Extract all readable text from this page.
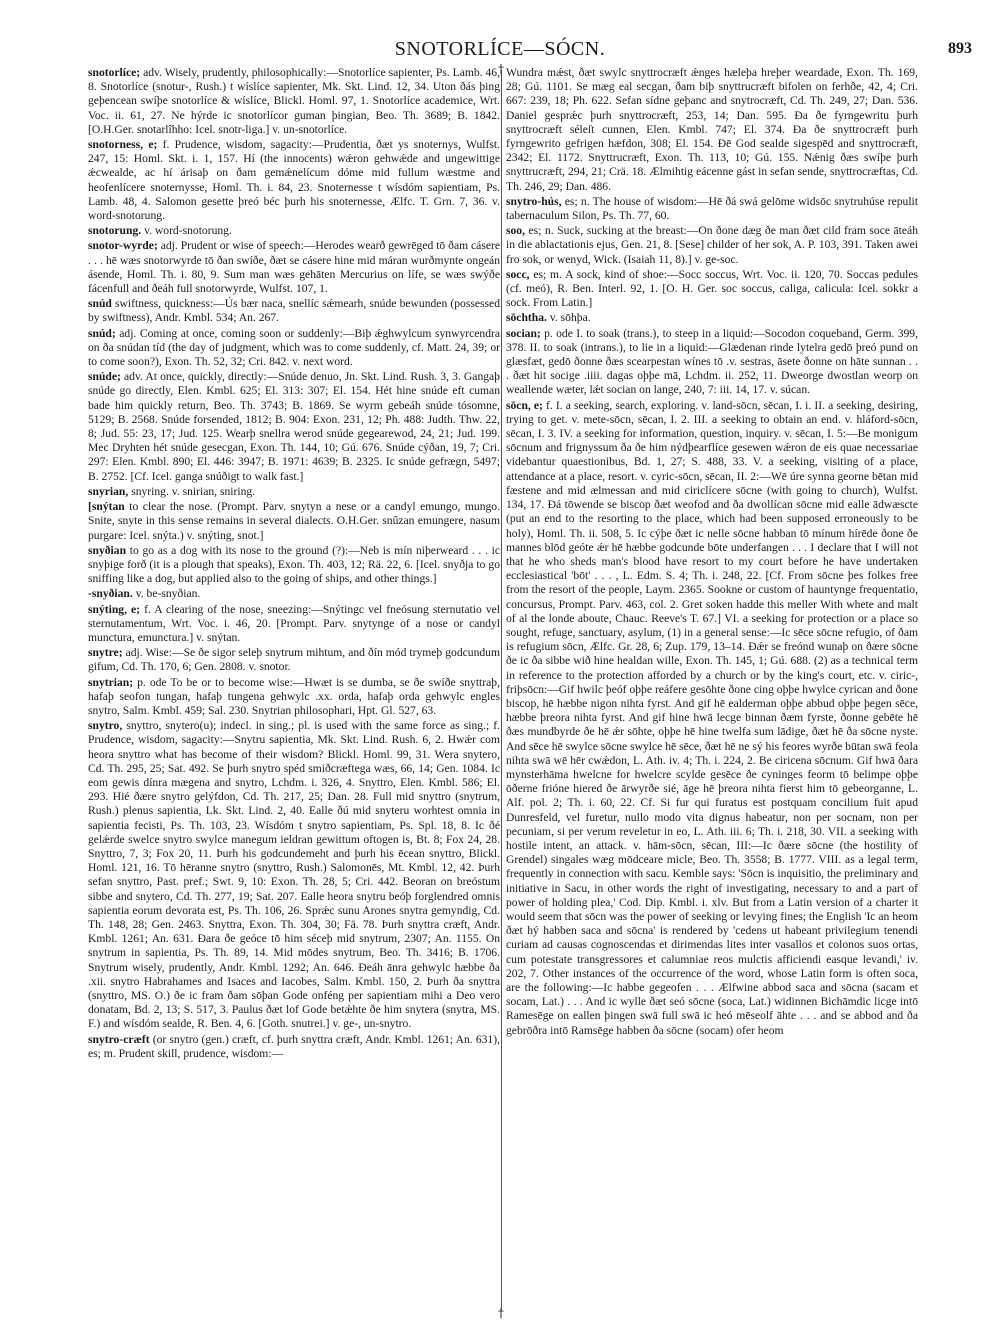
SNOTORLÍCE—SÓCN.	893
†
†

snotorlíce; adv. Wisely, prudently, philosophically:—Snotorlíce sapienter, Ps. Lamb. 46, 8. Snotorlíce (snotur-, Rush.) t wíslíce sapienter, Mk. Skt. Lind. 12, 34. Uton ðás þing geþencean swíþe snotorlíce & wíslíce, Blickl. Homl. 97, 1. Snotorlíce academice, Wrt. Voc. ii. 61, 27. Ne hýrde ic snotorlícor guman þingian, Beo. Th. 3689; B. 1842. [O.H.Ger. snotarlîhho: Icel. snotr-liga.] v. un-snotorlíce.

snotorness, e; f. Prudence, wisdom, sagacity:—Prudentia, ðæt ys snoternys, Wulfst. 247, 15: Homl. Skt. i. 1, 157. Hí (the innocents) wǽron gehwǽde and ungewittige ǽcwealde, ac hí árisaþ on ðam gemǽnelícum dóme mid fullum wæstme and heofenlícere snoternysse, Homl. Th. i. 84, 23. Snoternesse t wísdóm sapientiam, Ps. Lamb. 48, 4. Salomon gesette þreó béc þurh his snoternesse, Ælfc. T. Grn. 7, 36. v. word-snotorung.

snotorung. v. word-snotorung.

snotor-wyrde; adj. Prudent or wise of speech:—Herodes wearð gewrēged tō ðam cásere . . . hē wæs snotorwyrde tō ðan swíðe, ðæt se cásere hine mid máran wurðmynte ongeán ásende, Homl. Th. i. 80, 9. Sum man wæs gehāten Mercurius on lífe, se wæs swýðe fácenfull and ðeáh full snotorwyrde, Wulfst. 107, 1.

snúd swiftness, quickness:—Ús bær naca, snellíc sǽmearh, snúde bewunden (possessed by swiftness), Andr. Kmbl. 534; An. 267.

snúd; adj. Coming at once, coming soon or suddenly:—Biþ ǽghwylcum synwyrcendra on ða snúdan tíd (the day of judgment, which was to come suddenly, cf. Matt. 24, 39; or to come soon?), Exon. Th. 52, 32; Cri. 842. v. next word.

snúde; adv. At once, quickly, directly:—Snúde denuo, Jn. Skt. Lind. Rush. 3, 3. Gangaþ snúde go directly, Elen. Kmbl. 625; El. 313: 307; El. 154. Hét hine snúde eft cuman bade him quickly return, Beo. Th. 3743; B. 1869. Se wyrm gebeáh snúde tósomne, 5129; B. 2568. Snúde forsended, 1812; B. 904: Exon. 231, 12; Ph. 488: Judth. Thw. 22, 8; Jud. 55: 23, 17; Jud. 125. Wearþ snellra werod snúde gegearewod, 24, 21; Jud. 199. Mec Dryhten hét snúde gesecgan, Exon. Th. 144, 10; Gú. 676. Snúde cýðan, 19, 7; Cri. 297: Elen. Kmbl. 890; El. 446: 3947; B. 1971: 4639; B. 2325. Ic snúde gefrægn, 5497; B. 2752. [Cf. Icel. ganga snúðigt to walk fast.]

snyrian, snyring. v. snirian, sniring.

[snýtan to clear the nose. (Prompt. Parv. snytyn a nese or a candyl emungo, mungo. Snite, snyte in this sense remains in several dialects. O.H.Ger. snûzan emungere, nasum purgare: Icel. snýta.) v. snýting, snot.]

snyðian to go as a dog with its nose to the ground (?):—Neb is mín niþerweard . . . ic snyþige forð (it is a plough that speaks), Exon. Th. 403, 12; Rä. 22, 6. [Icel. snyðja to go sniffing like a dog, but applied also to the going of ships, and other things.]

-snyðian. v. be-snyðian.

snýting, e; f. A clearing of the nose, sneezing:—Snýtingc vel fneósung sternutatio vel sternutamentum, Wrt. Voc. i. 46, 20. [Prompt. Parv. snytynge of a nose or candyl munctura, emunctura.] v. snýtan.

snytre; adj. Wise:—Se ðe sigor seleþ snytrum mihtum, and ðín mód trymeþ godcundum gifum, Cd. Th. 170, 6; Gen. 2808. v. snotor.

snytrian; p. ode To be or to become wise:—Hwæt is se dumba, se ðe swíðe snyttraþ, hafaþ seofon tungan, hafaþ tungena gehwylc .xx. orda, hafaþ orda gehwylc engles snytro, Salm. Kmbl. 459; Sal. 230. Snytrian philosophari, Hpt. Gl. 527, 63.

snytro, snyttro, snytero(u); indecl. in sing.; pl. is used with the same force as sing.; f. Prudence, wisdom, sagacity:—Snytru sapientia, Mk. Skt. Lind. Rush. 6, 2. Hwǽr com heora snyttro what has become of their wisdom? Blickl. Homl. 99, 31. Wera snytero, Cd. Th. 295, 25; Sat. 492. Se þurh snytro spéd smiðcræftega wæs, 66, 14; Gen. 1084. Ic eom gewis dínra mægena and snytro, Lchdm. i. 326, 4. Snyttro, Elen. Kmbl. 586; El. 293. Hié ðære snytro gelýfdon, Cd. Th. 217, 25; Dan. 28. Full mid snyttro (snytrum, Rush.) plenus sapientia, Lk. Skt. Lind. 2, 40. Ealle ðú mid snyteru worhtest omnia in sapientia fecisti, Ps. Th. 103, 23. Wísdóm t snytro sapientiam, Ps. Spl. 18, 8. Ic ðé gelǽrde swelce snytro swylce manegum ieldran gewittum oftogen is, Bt. 8; Fox 24, 28. Snyttro, 7, 3; Fox 20, 11. Þurh his godcundemeht and þurh his ēcean snyttro, Blickl. Homl. 121, 16. Tō hēranne snytro (snyttro, Rush.) Salomonēs, Mt. Kmbl. 12, 42. Þurh sefan snyttro, Past. pref.; Swt. 9, 10: Exon. Th. 28, 5; Cri. 442. Beoran on breóstum sibbe and snytero, Cd. Th. 277, 19; Sat. 207. Ealle heora snytru beóþ forglendred omnis sapientia eorum devorata est, Ps. Th. 106, 26. Sprǽc sunu Arones snytra gemyndig, Cd. Th. 148, 28; Gen. 2463. Snyttra, Exon. Th. 304, 30; Fä. 78. Þurh snyttra cræft, Andr. Kmbl. 1261; An. 631. Ðara ðe geóce tō him séceþ mid snytrum, 2307; An. 1155. On snytrum in sapientia, Ps. Th. 89, 14. Mid mōdes snytrum, Beo. Th. 3416; B. 1706. Snytrum wisely, prudently, Andr. Kmbl. 1292; An. 646. Ðeáh ānra gehwylc hæbbe ða .xii. snytro Habrahames and Isaces and Iacobes, Salm. Kmbl. 150, 2. Þurh ða snyttra (snyttro, MS. O.) ðe ic fram ðam sōþan Gode onféng per sapientiam mihi a Deo vero donatam, Bd. 2, 13; S. 517, 3. Paulus ðæt lof Gode betǽhte ðe him snytera (snytra, MS. F.) and wísdóm sealde, R. Ben. 4, 6. [Goth. snutrei.] v. ge-, un-snytro.

snytro-cræft (or snytro (gen.) cræft, cf. þurh snyttra cræft, Andr. Kmbl. 1261; An. 631), es; m. Prudent skill, prudence, wisdom:—

Wundra mǽst, ðæt swylc snyttrocræft ǽnges hæleþa hreþer weardade, Exon. Th. 169, 28; Gú. 1101. Se mæg eal secgan, ðam biþ snyttrucræft bifolen on ferhðe, 42, 4; Cri. 667: 239, 18; Ph. 622. Sefan sídne geþanc and snytrocræft, Cd. Th. 249, 27; Dan. 536. Daniel gesprǽc þurh snyttrocræft, 253, 14; Dan. 595. Ða ðe fyrngewritu þurh snyttrocræft séleſt cunnen, Elen. Kmbl. 747; El. 374. Ða ðe snyttrocræft þurh fyrngewrito gefrigen hæfdon, 308; El. 154. Ðē God sealde sigespēd and snyttrocræft, 2342; El. 1172. Snyttrucræft, Exon. Th. 113, 10; Gú. 155. Nǽnig ðæs swíþe þurh snyttrucræft, 294, 21; Crä. 18. Ælmihtig eácenne gást in sefan sende, snyttrocræftas, Cd. Th. 246, 29; Dan. 486.

snytro-hús, es; n. The house of wisdom:—Hē ðá swá gelōme widsōc snytruhúse repulit tabernaculum Silon, Ps. Th. 77, 60.

soo, es; n. Suck, sucking at the breast:—On ðone dæg ðe man ðæt cild fram soce āteáh in die ablactationis ejus, Gen. 21, 8. [Sese] childer of her sok, A. P. 103, 391. Taken awei fro sok, or wenyd, Wick. (Isaiah 11, 8).] v. ge-soc.

socc, es; m. A sock, kind of shoe:—Socc soccus, Wrt. Voc. ii. 120, 70. Soccas pedules (cf. meó), R. Ben. Interl. 92, 1. [O. H. Ger. soc soccus, caliga, calicula: Icel. sokkr a sock. From Latin.]

sōchtha. v. sōhþa.

socian; p. ode I. to soak (trans.), to steep in a liquid:—Socodon coqueband, Germ. 399, 378. II. to soak (intrans.), to lie in a liquid:—Glædenan rinde lytelra gedō þreó pund on glæsfæt, gedō ðonne ðæs scearpestan wínes tō .v. sestras, āsete ðonne on hāte sunnan . . . ðæt hit socige .iiii. dagas oþþe mā, Lchdm. ii. 252, 11. Dweorge dwostlan weorp on weallende wæter, lǽt socian on lange, 240, 7: iii. 14, 17. v. súcan.

sōcn, e; f. I. a seeking, search, exploring. v. land-sōcn, sēcan, I. i. II. a seeking, desiring, trying to get. v. mete-sōcn, sēcan, I. 2. III. a seeking to obtain an end. v. hláford-sōcn, sēcan, I. 3. IV. a seeking for information, question, inquiry. v. sēcan, I. 5:—Be monigum sōcnum and frignyssum ða ðe him nýdþearflíce gesewen wǽron de eis quae necessariae videbantur quaestionibus, Bd. 1, 27; S. 488, 33. V. a seeking, visiting of a place, attendance at a place, resort. v. cyric-sōcn, sēcan, II. 2:—Wē úre synna georne bētan mid fæstene and mid ælmessan and mid ciriclícere sōcne (with going to church), Wulfst. 134, 17. Ðá tōwende se biscop ðæt weofod and ða dwollícan sōcne mid ealle ādwæscte (put an end to the resorting to the place, which had been supposed erroneously to be holy), Homl. Th. ii. 508, 5. Ic cýþe ðæt ic nelle sōcne habban tō mínum hírēde ðone ðe mannes blōd geóte ǽr hē hæbbe godcunde bōte underfangen . . . I declare that I will not that he who sheds man's blood have resort to my court before he have undertaken ecclesiastical 'bōt' . . . , L. Edm. S. 4; Th. i. 248, 22. [Cf. From sōcne þes folkes free from the resort of the people, Laym. 2365. Sookne or custom of hauntynge frequentatio, concursus, Prompt. Parv. 463, col. 2. Gret soken hadde this meller With whete and malt of al the londe aboute, Chauc. Reeve's T. 67.] VI. a seeking for protection or a place so sought, refuge, sanctuary, asylum, (1) in a general sense:—Ic sēce sōcne refugio, of ðam is refugium sōcn, Ælfc. Gr. 28, 6; Zup. 179, 13–14. Ðǽr se freónd wunaþ on ðære sōcne ðe ic ða sibbe wið hine healdan wille, Exon. Th. 145, 1; Gú. 688. (2) as a technical term in reference to the protection afforded by a church or by the king's court, etc. v. ciric-, friþsōcn:—Gif hwilc þeóf oþþe reáfere gesōhte ðone cing oþþe hwylce cyrican and ðone biscop, hē hæbbe nigon nihta fyrst. And gif hē ealderman oþþe abbud oþþe þegen sēce, hæbbe þreora nihta fyrst. And gif hine hwā lecge binnan ðæm fyrste, ðonne gebēte hē ðæs mundbyrde ðe hē ǽr sōhte, oþþe hē hine twelfa sum lādige, ðæt hē ða sōcne nyste. And sēce hē swylce sōcne swylce hē sēce, ðæt hē ne sý his feores wyrðe būtan swā feola nihta swā wē hēr cwǽdon, L. Ath. iv. 4; Th. i. 224, 2. Be ciricena sōcnum. Gif hwā ðara mynsterhāma hwelcne for hwelcre scylde gesēce ðe cyninges feorm tō belimpe oþþe ōðerne frióne hiered ðe ārwyrðe sié, āge hē þreora nihta fierst him tō gebeorganne, L. Alf. pol. 2; Th. i. 60, 22. Cf. Si fur qui furatus est postquam concilium fuit apud Dunresfeld, vel furetur, nullo modo vita dignus habeatur, non per socnam, non per pecuniam, si per verum reveletur in eo, L. Ath. iii. 6; Th. i. 218, 30. VII. a seeking with hostile intent, an attack. v. hām-sōcn, sēcan, III:—Ic ðære sōcne (the hostility of Grendel) singales wæg mōdceare micle, Beo. Th. 3558; B. 1777. VIII. as a legal term, frequently in connection with sacu. Kemble says: 'Sōcn is inquisitio, the preliminary and initiative in Sacu, in other words the right of investigating, necessary to and a part of power of holding plea,' Cod. Dip. Kmbl. i. xlv. But from a Latin version of a charter it would seem that sōcn was the power of seeking or levying fines; the English 'Ic an heom ðæt hý habben saca and sōcna' is rendered by 'cedens ut habeant privilegium tenendi curiam ad causas cognoscendas et dirimendas lites inter vasallos et colonos suos ortas, cum potestate transgressores et calumniae reos mulctis afficiendi easque levandi,' iv. 202, 7. Other instances of the occurrence of the word, whose Latin form is often soca, are the following:—Ic habbe gegeofen . . . Ælfwine abbod saca and sōcna (sacam et socam, Lat.) . . . And ic wylle ðæt seó sōcne (soca, Lat.) widinnen Bichāmdic licge intō Ramesēge on eallen þingen swā full swā ic heó mēseolf āhte . . . and se abbod and ða gebrōðra intō Ramsēge habben ða sōcne (socam) ofer heom
